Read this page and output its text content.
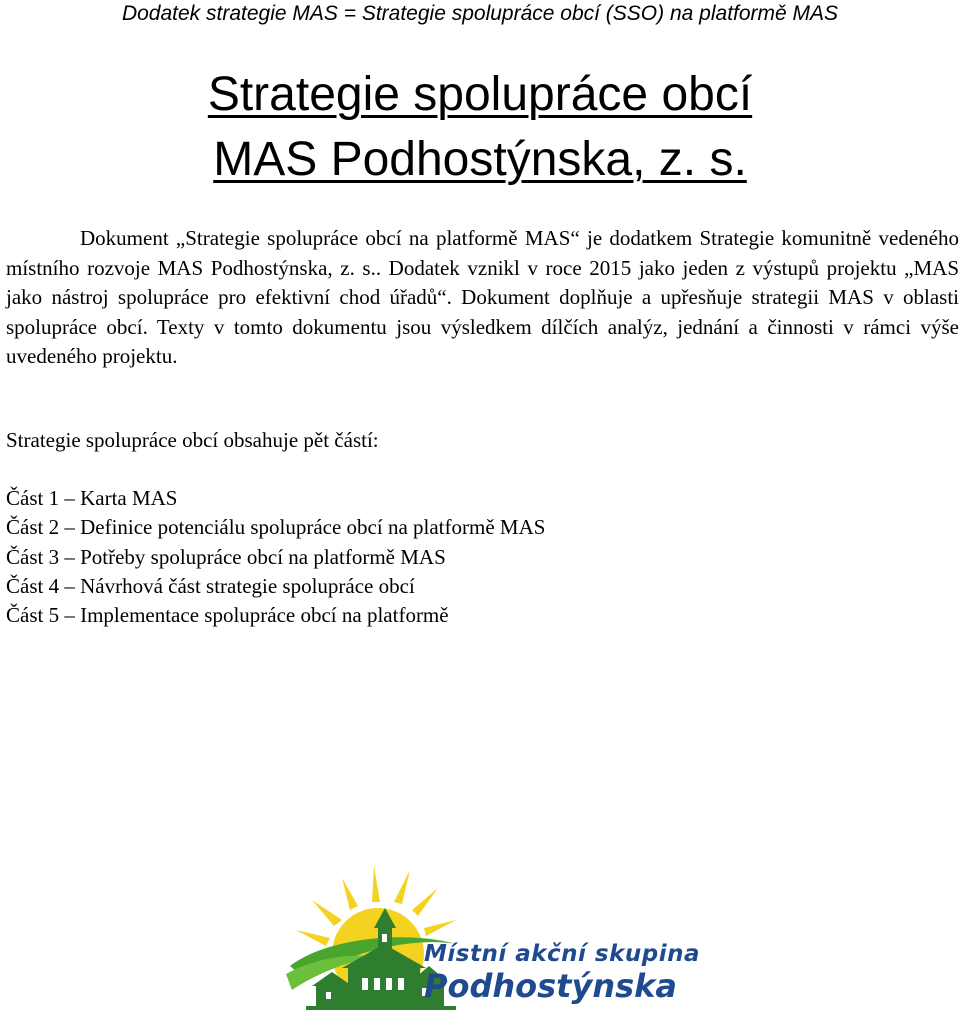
Dodatek strategie MAS = Strategie spolupráce obcí (SSO) na platformě MAS
Strategie spolupráce obcí
MAS Podhostýnska, z. s.
Dokument „Strategie spolupráce obcí na platformě MAS“ je dodatkem Strategie komunitně vedeného místního rozvoje MAS Podhostýnska, z. s.. Dodatek vznikl v roce 2015 jako jeden z výstupů projektu „MAS jako nástroj spolupráce pro efektivní chod úřadů“. Dokument doplňuje a upřesňuje strategii MAS v oblasti spolupráce obcí. Texty v tomto dokumentu jsou výsledkem dílčích analýz, jednání a činnosti v rámci výše uvedeného projektu.
Strategie spolupráce obcí obsahuje pět částí:
Část 1 – Karta MAS
Část 2 – Definice potenciálu spolupráce obcí na platformě MAS
Část 3 – Potřeby spolupráce obcí na platformě MAS
Část 4 – Návrhová část strategie spolupráce obcí
Část 5 – Implementace spolupráce obcí na platformě
Místní akční skupina
Podhostýnska
